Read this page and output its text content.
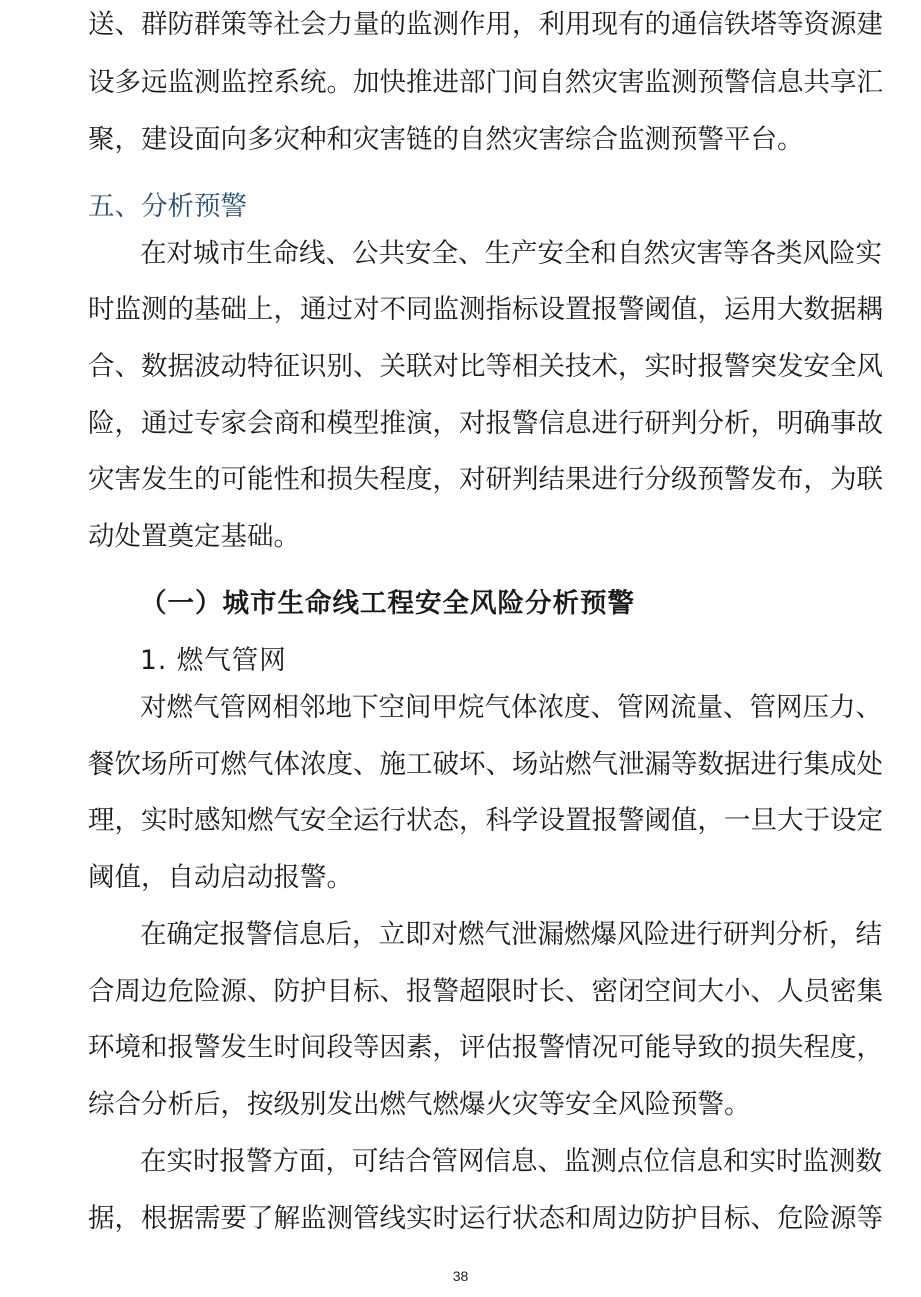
送、群防群策等社会力量的监测作用，利用现有的通信铁塔等资源建
设多远监测监控系统。加快推进部门间自然灾害监测预警信息共享汇
聚，建设面向多灾种和灾害链的自然灾害综合监测预警平台。
五、分析预警
在对城市生命线、公共安全、生产安全和自然灾害等各类风险实
时监测的基础上，通过对不同监测指标设置报警阈值，运用大数据耦
合、数据波动特征识别、关联对比等相关技术，实时报警突发安全风
险，通过专家会商和模型推演，对报警信息进行研判分析，明确事故
灾害发生的可能性和损失程度，对研判结果进行分级预警发布，为联
动处置奠定基础。
（一）城市生命线工程安全风险分析预警
1. 燃气管网
对燃气管网相邻地下空间甲烷气体浓度、管网流量、管网压力、
餐饮场所可燃气体浓度、施工破坏、场站燃气泄漏等数据进行集成处
理，实时感知燃气安全运行状态，科学设置报警阈值，一旦大于设定
阈值，自动启动报警。
在确定报警信息后，立即对燃气泄漏燃爆风险进行研判分析，结
合周边危险源、防护目标、报警超限时长、密闭空间大小、人员密集
环境和报警发生时间段等因素，评估报警情况可能导致的损失程度，
综合分析后，按级别发出燃气燃爆火灾等安全风险预警。
在实时报警方面，可结合管网信息、监测点位信息和实时监测数
据，根据需要了解监测管线实时运行状态和周边防护目标、危险源等
38
